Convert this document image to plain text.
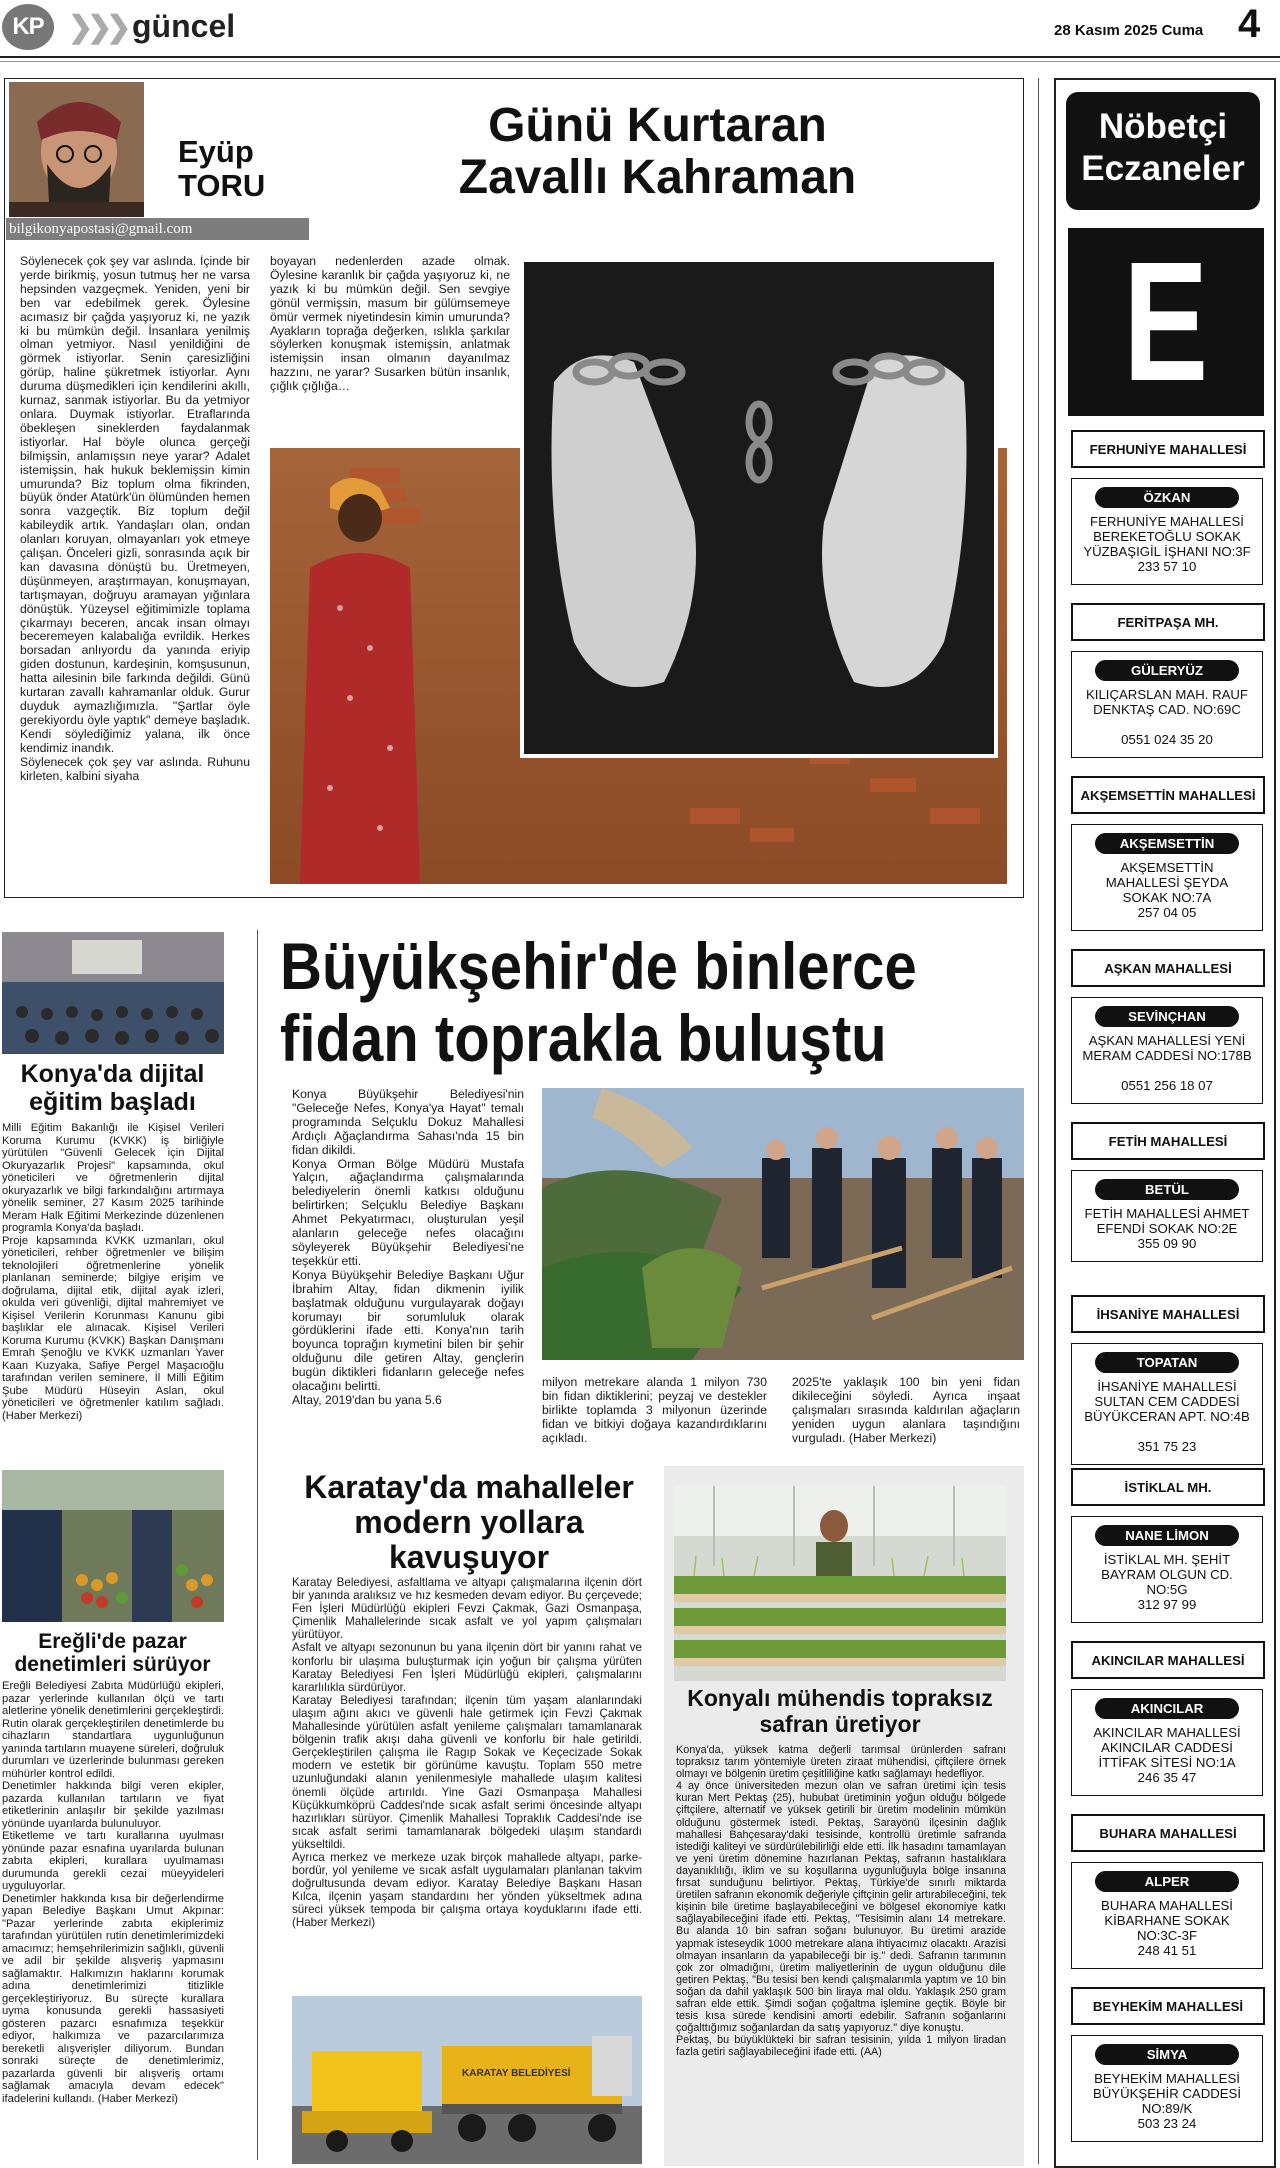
KP ❯❯❯ güncel	28 Kasım 2025 Cuma 4
Eyüp
TORU
bilgikonyapostasi@gmail.com
Günü Kurtaran
Zavallı Kahraman

Söylenecek çok şey var aslında. İçinde bir yerde birikmiş, yosun tutmuş her ne varsa hepsinden vazgeçmek. Yeniden, yeni bir ben var edebilmek gerek. Öylesine acımasız bir çağda yaşıyoruz ki, ne yazık ki bu mümkün değil. İnsanlara yenilmiş olman yetmiyor. Nasıl yenildiğini de görmek istiyorlar. Senin çaresizliğini görüp, haline şükretmek istiyorlar. Aynı duruma düşmedikleri için kendilerini akıllı, kurnaz, sanmak istiyorlar. Bu da yetmiyor onlara. Duymak istiyorlar. Etraflarında öbekleşen sineklerden faydalanmak istiyorlar. Hal böyle olunca gerçeği bilmişsin, anlamışsın neye yarar? Adalet istemişsin, hak hukuk beklemişsin kimin umurunda? Biz toplum olma fikrinden, büyük önder Atatürk'ün ölümünden hemen sonra vazgeçtik. Biz toplum değil kabileydik artık. Yandaşları olan, ondan olanları koruyan, olmayanları yok etmeye çalışan. Önceleri gizli, sonrasında açık bir kan davasına dönüştü bu. Üretmeyen, düşünmeyen, araştırmayan, konuşmayan, tartışmayan, doğruyu aramayan yığınlara dönüştük. Yüzeysel eğitimimizle toplama çıkarmayı beceren, ancak insan olmayı beceremeyen kalabalığa evrildik. Herkes borsadan anlıyordu da yanında eriyip giden dostunun, kardeşinin, komşusunun, hatta ailesinin bile farkında değildi. Günü kurtaran zavallı kahramanlar olduk. Gurur duyduk aymazlığımızla. "Şartlar öyle gerekiyordu öyle yaptık" demeye başladık. Kendi söylediğimiz yalana, ilk önce kendimiz inandık.
Söylenecek çok şey var aslında. Ruhunu kirleten, kalbini siyaha

boyayan nedenlerden azade olmak. Öylesine karanlık bir çağda yaşıyoruz ki, ne yazık ki bu mümkün değil. Sen sevgiye gönül vermişsin, masum bir gülümsemeye ömür vermek niyetindesin kimin umurunda? Ayakların toprağa değerken, ıslıkla şarkılar söylerken konuşmak istemişsin, anlatmak istemişsin insan olmanın dayanılmaz hazzını, ne yarar? Susarken bütün insanlık, çığlık çığlığa…

Konya'da dijital eğitim başladı

Milli Eğitim Bakanlığı ile Kişisel Verileri Koruma Kurumu (KVKK) iş birliğiyle yürütülen "Güvenli Gelecek için Dijital Okuryazarlık Projesi" kapsamında, okul yöneticileri ve öğretmenlerin dijital okuryazarlık ve bilgi farkındalığını artırmaya yönelik seminer, 27 Kasım 2025 tarihinde Meram Halk Eğitimi Merkezinde düzenlenen programla Konya'da başladı.
Proje kapsamında KVKK uzmanları, okul yöneticileri, rehber öğretmenler ve bilişim teknolojileri öğretmenlerine yönelik planlanan seminerde; bilgiye erişim ve doğrulama, dijital etik, dijital ayak izleri, okulda veri güvenliği, dijital mahremiyet ve Kişisel Verilerin Korunması Kanunu gibi başlıklar ele alınacak. Kişisel Verileri Koruma Kurumu (KVKK) Başkan Danışmanı Emrah Şenoğlu ve KVKK uzmanları Yaver Kaan Kuzyaka, Safiye Pergel Maşacıoğlu tarafından verilen seminere, İl Milli Eğitim Şube Müdürü Hüseyin Aslan, okul yöneticileri ve öğretmenler katılım sağladı. (Haber Merkezi)

Ereğli'de pazar denetimleri sürüyor

Ereğli Belediyesi Zabıta Müdürlüğü ekipleri, pazar yerlerinde kullanılan ölçü ve tartı aletlerine yönelik denetimlerini gerçekleştirdi. Rutin olarak gerçekleştirilen denetimlerde bu cihazların standartlara uygunluğunun yanında tartıların muayene süreleri, doğruluk durumları ve üzerlerinde bulunması gereken mühürler kontrol edildi.
Denetimler hakkında bilgi veren ekipler, pazarda kullanılan tartıların ve fiyat etiketlerinin anlaşılır bir şekilde yazılması yönünde uyarılarda bulunuluyor.
Etiketleme ve tartı kurallarına uyulması yönünde pazar esnafına uyarılarda bulunan zabıta ekipleri, kurallara uyulmaması durumunda gerekli cezai müeyyideleri uyguluyorlar.
Denetimler hakkında kısa bir değerlendirme yapan Belediye Başkanı Umut Akpınar: "Pazar yerlerinde zabıta ekiplerimiz tarafından yürütülen rutin denetimlerimizdeki amacımız; hemşehrilerimizin sağlıklı, güvenli ve adil bir şekilde alışveriş yapmasını sağlamaktır. Halkımızın haklarını korumak adına denetimlerimizi titizlikle gerçekleştiriyoruz. Bu süreçte kurallara uyma konusunda gerekli hassasiyeti gösteren pazarcı esnafımıza teşekkür ediyor, halkımıza ve pazarcılarımıza bereketli alışverişler diliyorum. Bundan sonraki süreçte de denetimlerimiz, pazarlarda güvenli bir alışveriş ortamı sağlamak amacıyla devam edecek" ifadelerini kullandı. (Haber Merkezi)

Büyükşehir'de binlerce
fidan toprakla buluştu

Konya Büyükşehir Belediyesi'nin "Geleceğe Nefes, Konya'ya Hayat" temalı programında Selçuklu Dokuz Mahallesi Ardıçlı Ağaçlandırma Sahası'nda 15 bin fidan dikildi.
Konya Orman Bölge Müdürü Mustafa Yalçın, ağaçlandırma çalışmalarında belediyelerin önemli katkısı olduğunu belirtirken; Selçuklu Belediye Başkanı Ahmet Pekyatırmacı, oluşturulan yeşil alanların geleceğe nefes olacağını söyleyerek Büyükşehir Belediyesi'ne teşekkür etti.
Konya Büyükşehir Belediye Başkanı Uğur İbrahim Altay, fidan dikmenin iyilik başlatmak olduğunu vurgulayarak doğayı korumayı bir sorumluluk olarak gördüklerini ifade etti. Konya'nın tarih boyunca toprağın kıymetini bilen bir şehir olduğunu dile getiren Altay, gençlerin bugün diktikleri fidanların geleceğe nefes olacağını belirtti.
Altay, 2019'dan bu yana 5.6

milyon metrekare alanda 1 milyon 730 bin fidan diktiklerini; peyzaj ve destekler birlikte toplamda 3 milyonun üzerinde fidan ve bitkiyi doğaya kazandırdıklarını açıkladı.

2025'te yaklaşık 100 bin yeni fidan dikileceğini söyledi. Ayrıca inşaat çalışmaları sırasında kaldırılan ağaçların yeniden uygun alanlara taşındığını vurguladı. (Haber Merkezi)

Karatay'da mahalleler modern yollara kavuşuyor

Karatay Belediyesi, asfaltlama ve altyapı çalışmalarına ilçenin dört bir yanında aralıksız ve hız kesmeden devam ediyor. Bu çerçevede; Fen İşleri Müdürlüğü ekipleri Fevzi Çakmak, Gazi Osmanpaşa, Çimenlik Mahallelerinde sıcak asfalt ve yol yapım çalışmaları yürütüyor.
Asfalt ve altyapı sezonunun bu yana ilçenin dört bir yanını rahat ve konforlu bir ulaşıma buluşturmak için yoğun bir çalışma yürüten Karatay Belediyesi Fen İşleri Müdürlüğü ekipleri, çalışmalarını kararlılıkla sürdürüyor.
Karatay Belediyesi tarafından; ilçenin tüm yaşam alanlarındaki ulaşım ağını akıcı ve güvenli hale getirmek için Fevzi Çakmak Mahallesinde yürütülen asfalt yenileme çalışmaları tamamlanarak bölgenin trafik akışı daha güvenli ve konforlu bir hale getirildi. Gerçekleştirilen çalışma ile Ragıp Sokak ve Keçecizade Sokak modern ve estetik bir görünüme kavuştu. Toplam 550 metre uzunluğundaki alanın yenilenmesiyle mahallede ulaşım kalitesi önemli ölçüde artırıldı. Yine Gazi Osmanpaşa Mahallesi Küçükkumköprü Caddesi'nde sıcak asfalt serimi öncesinde altyapı hazırlıkları sürüyor. Çimenlik Mahallesi Topraklık Caddesi'nde ise sıcak asfalt serimi tamamlanarak bölgedeki ulaşım standardı yükseltildi.
Ayrıca merkez ve merkeze uzak birçok mahallede altyapı, parke-bordür, yol yenileme ve sıcak asfalt uygulamaları planlanan takvim doğrultusunda devam ediyor. Karatay Belediye Başkanı Hasan Kılca, ilçenin yaşam standardını her yönden yükseltmek adına süreci yüksek tempoda bir çalışma ortaya koyduklarını ifade etti. (Haber Merkezi)

KARATAY BELEDİYESİ
Konyalı mühendis topraksız safran üretiyor

Konya'da, yüksek katma değerli tarımsal ürünlerden safranı topraksız tarım yöntemiyle üreten ziraat mühendisi, çiftçilere örnek olmayı ve bölgenin üretim çeşitliliğine katkı sağlamayı hedefliyor.
4 ay önce üniversiteden mezun olan ve safran üretimi için tesis kuran Mert Pektaş (25), hububat üretiminin yoğun olduğu bölgede çiftçilere, alternatif ve yüksek getirili bir üretim modelinin mümkün olduğunu göstermek istedi. Pektaş, Sarayönü ilçesinin dağlık mahallesi Bahçesaray'daki tesisinde, kontrollü üretimle safranda istediği kaliteyi ve sürdürülebilirliği elde etti. İlk hasadını tamamlayan ve yeni üretim dönemine hazırlanan Pektaş, safranın hastalıklara dayanıklılığı, iklim ve su koşullarına uygunluğuyla bölge insanına fırsat sunduğunu belirtiyor. Pektaş, Türkiye'de sınırlı miktarda üretilen safranın ekonomik değeriyle çiftçinin gelir artırabileceğini, tek kişinin bile üretime başlayabileceğini ve bölgesel ekonomiye katkı sağlayabileceğini ifade etti. Pektaş, "Tesisimin alanı 14 metrekare. Bu alanda 10 bin safran soğanı bulunuyor. Bu üretimi arazide yapmak isteseydik 1000 metrekare alana ihtiyacımız olacaktı. Arazisi olmayan insanların da yapabileceği bir iş." dedi. Safranın tarımının çok zor olmadığını, üretim maliyetlerinin de uygun olduğunu dile getiren Pektaş, "Bu tesisi ben kendi çalışmalarımla yaptım ve 10 bin soğan da dahil yaklaşık 500 bin liraya mal oldu. Yaklaşık 250 gram safran elde ettik. Şimdi soğan çoğaltma işlemine geçtik. Böyle bir tesis kısa sürede kendisini amorti edebilir. Safranın soğanlarını çoğalttığımız soğanlardan da satış yapıyoruz." diye konuştu.
Pektaş, bu büyüklükteki bir safran tesisinin, yılda 1 milyon liradan fazla getiri sağlayabileceğini ifade etti. (AA)

Nöbetçi
Eczaneler
E
FERHUNİYE MAHALLESİ
ÖZKAN
FERHUNİYE MAHALLESİ
BEREKETOĞLU SOKAK
YÜZBAŞIGİL İŞHANI NO:3F
233 57 10
FERİTPAŞA MH.
GÜLERYÜZ
KILIÇARSLAN MAH. RAUF
DENKTAŞ CAD. NO:69C

0551 024 35 20
AKŞEMSETTİN MAHALLESİ
AKŞEMSETTİN
AKŞEMSETTİN
MAHALLESİ ŞEYDA
SOKAK NO:7A
257 04 05
AŞKAN MAHALLESİ
SEVİNÇHAN
AŞKAN MAHALLESİ YENİ
MERAM CADDESİ NO:178B

0551 256 18 07
FETİH MAHALLESİ
BETÜL
FETİH MAHALLESİ AHMET
EFENDİ SOKAK NO:2E
355 09 90
İHSANİYE MAHALLESİ
TOPATAN
İHSANİYE MAHALLESİ
SULTAN CEM CADDESİ
BÜYÜKCERAN APT. NO:4B

351 75 23
İSTİKLAL MH.
NANE LİMON
İSTİKLAL MH. ŞEHİT
BAYRAM OLGUN CD.
NO:5G
312 97 99
AKINCILAR MAHALLESİ
AKINCILAR
AKINCILAR MAHALLESİ
AKINCILAR CADDESİ
İTTİFAK SİTESİ NO:1A
246 35 47
BUHARA MAHALLESİ
ALPER
BUHARA MAHALLESİ
KİBARHANE SOKAK
NO:3C-3F
248 41 51
BEYHEKİM MAHALLESİ
SİMYA
BEYHEKİM MAHALLESİ
BÜYÜKŞEHİR CADDESİ
NO:89/K
503 23 24
